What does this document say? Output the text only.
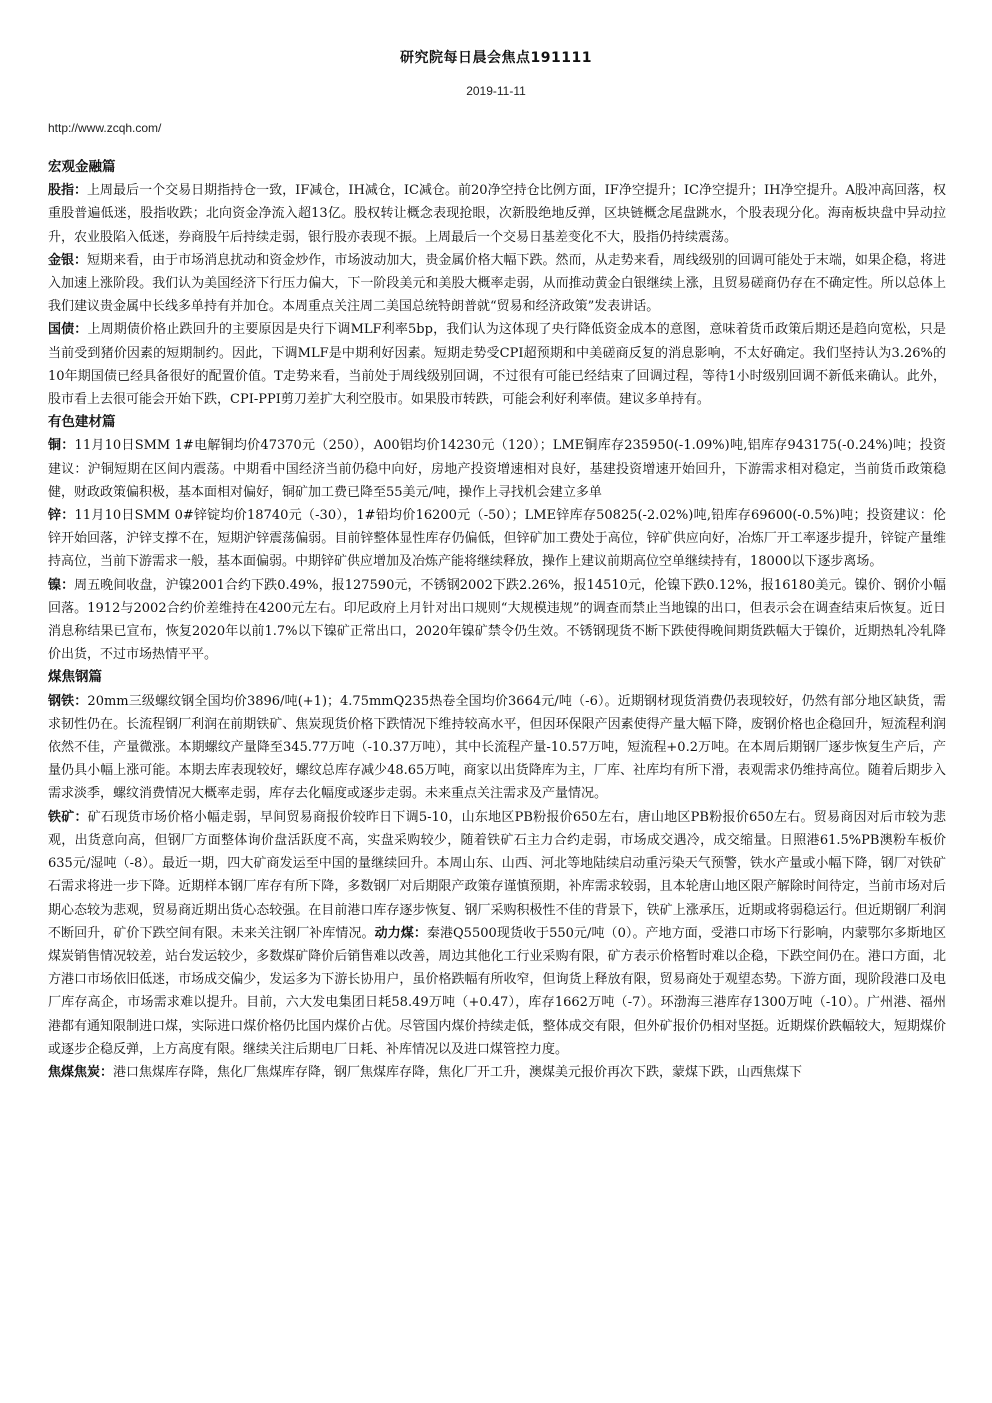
研究院每日晨会焦点191111
2019-11-11
http://www.zcqh.com/
宏观金融篇

股指：上周最后一个交易日期指持仓一致，IF减仓，IH减仓，IC减仓。前20净空持仓比例方面，IF净空提升；IC净空提升；IH净空提升。A股冲高回落，权重股普遍低迷，股指收跌；北向资金净流入超13亿。股权转让概念表现抢眼，次新股绝地反弹，区块链概念尾盘跳水，个股表现分化。海南板块盘中异动拉升，农业股陷入低迷，券商股午后持续走弱，银行股亦表现不振。上周最后一个交易日基差变化不大，股指仍持续震荡。

金银：短期来看，由于市场消息扰动和资金炒作，市场波动加大，贵金属价格大幅下跌。然而，从走势来看，周线级别的回调可能处于末端，如果企稳，将进入加速上涨阶段。我们认为美国经济下行压力偏大，下一阶段美元和美股大概率走弱，从而推动黄金白银继续上涨，且贸易磋商仍存在不确定性。所以总体上我们建议贵金属中长线多单持有并加仓。本周重点关注周二美国总统特朗普就“贸易和经济政策”发表讲话。

国债：上周期债价格止跌回升的主要原因是央行下调MLF利率5bp，我们认为这体现了央行降低资金成本的意图，意味着货币政策后期还是趋向宽松，只是当前受到猪价因素的短期制约。因此，下调MLF是中期利好因素。短期走势受CPI超预期和中美磋商反复的消息影响，不太好确定。我们坚持认为3.26%的10年期国债已经具备很好的配置价值。T走势来看，当前处于周线级别回调，不过很有可能已经结束了回调过程，等待1小时级别回调不新低来确认。此外，股市看上去很可能会开始下跌，CPI-PPI剪刀差扩大利空股市。如果股市转跌，可能会利好利率债。建议多单持有。

有色建材篇

铜：11月10日SMM 1#电解铜均价47370元（250），A00铝均价14230元（120）；LME铜库存235950(-1.09%)吨,铝库存943175(-0.24%)吨；投资建议：沪铜短期在区间内震荡。中期看中国经济当前仍稳中向好，房地产投资增速相对良好，基建投资增速开始回升，下游需求相对稳定，当前货币政策稳健，财政政策偏积极，基本面相对偏好，铜矿加工费已降至55美元/吨，操作上寻找机会建立多单

锌：11月10日SMM 0#锌锭均价18740元（-30），1#铅均价16200元（-50）；LME锌库存50825(-2.02%)吨,铅库存69600(-0.5%)吨；投资建议：伦锌开始回落，沪锌支撑不在，短期沪锌震荡偏弱。目前锌整体显性库存仍偏低，但锌矿加工费处于高位，锌矿供应向好，冶炼厂开工率逐步提升，锌锭产量维持高位，当前下游需求一般，基本面偏弱。中期锌矿供应增加及冶炼产能将继续释放，操作上建议前期高位空单继续持有，18000以下逐步离场。

镍：周五晚间收盘，沪镍2001合约下跌0.49%，报127590元，不锈钢2002下跌2.26%，报14510元，伦镍下跌0.12%，报16180美元。镍价、钢价小幅回落。1912与2002合约价差维持在4200元左右。印尼政府上月针对出口规则“大规模违规”的调查而禁止当地镍的出口，但表示会在调查结束后恢复。近日消息称结果已宣布，恢复2020年以前1.7%以下镍矿正常出口，2020年镍矿禁令仍生效。不锈钢现货不断下跌使得晚间期货跌幅大于镍价，近期热轧冷轧降价出货，不过市场热情平平。

煤焦钢篇

钢铁：20mm三级螺纹钢全国均价3896/吨(+1)；4.75mmQ235热卷全国均价3664元/吨（-6）。近期钢材现货消费仍表现较好，仍然有部分地区缺货，需求韧性仍在。长流程钢厂利润在前期铁矿、焦炭现货价格下跌情况下维持较高水平，但因环保限产因素使得产量大幅下降，废钢价格也企稳回升，短流程利润依然不佳，产量微涨。本期螺纹产量降至345.77万吨（-10.37万吨），其中长流程产量-10.57万吨，短流程+0.2万吨。在本周后期钢厂逐步恢复生产后，产量仍具小幅上涨可能。本期去库表现较好，螺纹总库存减少48.65万吨，商家以出货降库为主，厂库、社库均有所下滑，表观需求仍维持高位。随着后期步入需求淡季，螺纹消费情况大概率走弱，库存去化幅度或逐步走弱。未来重点关注需求及产量情况。

铁矿：矿石现货市场价格小幅走弱，早间贸易商报价较昨日下调5-10，山东地区PB粉报价650左右，唐山地区PB粉报价650左右。贸易商因对后市较为悲观，出货意向高，但钢厂方面整体询价盘活跃度不高，实盘采购较少，随着铁矿石主力合约走弱，市场成交遇冷，成交缩量。日照港61.5%PB澳粉车板价635元/湿吨（-8）。最近一期，四大矿商发运至中国的量继续回升。本周山东、山西、河北等地陆续启动重污染天气预警，铁水产量或小幅下降，钢厂对铁矿石需求将进一步下降。近期样本钢厂库存有所下降，多数钢厂对后期限产政策存谨慎预期，补库需求较弱，且本轮唐山地区限产解除时间待定，当前市场对后期心态较为悲观，贸易商近期出货心态较强。在目前港口库存逐步恢复、钢厂采购积极性不佳的背景下，铁矿上涨承压，近期或将弱稳运行。但近期钢厂利润不断回升，矿价下跌空间有限。未来关注钢厂补库情况。动力煤：秦港Q5500现货收于550元/吨（0）。产地方面，受港口市场下行影响，内蒙鄂尔多斯地区煤炭销售情况较差，站台发运较少，多数煤矿降价后销售难以改善，周边其他化工行业采购有限，矿方表示价格暂时难以企稳，下跌空间仍在。港口方面，北方港口市场依旧低迷，市场成交偏少，发运多为下游长协用户，虽价格跌幅有所收窄，但询货上释放有限，贸易商处于观望态势。下游方面，现阶段港口及电厂库存高企，市场需求难以提升。目前，六大发电集团日耗58.49万吨（+0.47），库存1662万吨（-7）。环渤海三港库存1300万吨（-10）。广州港、福州港都有通知限制进口煤，实际进口煤价格仍比国内煤价占优。尽管国内煤价持续走低，整体成交有限，但外矿报价仍相对坚挺。近期煤价跌幅较大，短期煤价或逐步企稳反弹，上方高度有限。继续关注后期电厂日耗、补库情况以及进口煤管控力度。

焦煤焦炭：港口焦煤库存降，焦化厂焦煤库存降，钢厂焦煤库存降，焦化厂开工升，澳煤美元报价再次下跌，蒙煤下跌，山西焦煤下
